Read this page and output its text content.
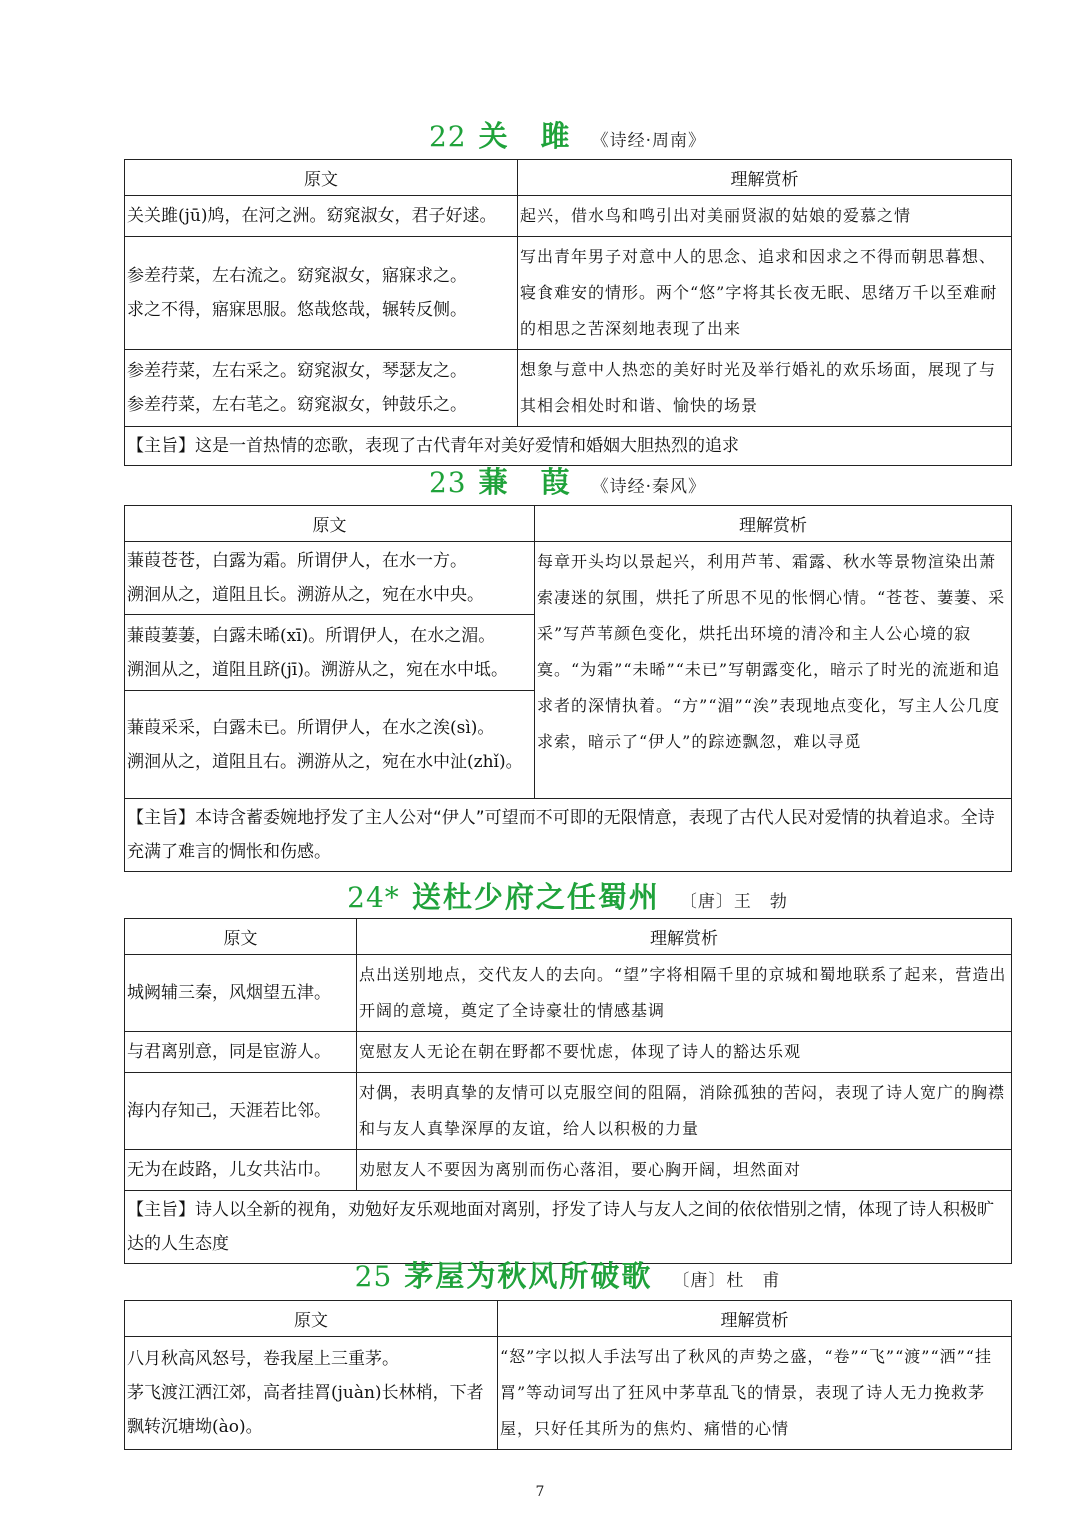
22 关　雎 《诗经·周南》
原文	理解赏析

关关雎(jū)鸠，在河之洲。窈窕淑女，君子好逑。	起兴，借水鸟和鸣引出对美丽贤淑的姑娘的爱慕之情

参差荇菜，左右流之。窈窕淑女，寤寐求之。
求之不得，寤寐思服。悠哉悠哉，辗转反侧。	写出青年男子对意中人的思念、追求和因求之不得而朝思暮想、寝食难安的情形。两个“悠”字将其长夜无眠、思绪万千以至难耐的相思之苦深刻地表现了出来

参差荇菜，左右采之。窈窕淑女，琴瑟友之。
参差荇菜，左右芼之。窈窕淑女，钟鼓乐之。	想象与意中人热恋的美好时光及举行婚礼的欢乐场面，展现了与其相会相处时和谐、愉快的场景
【主旨】这是一首热情的恋歌，表现了古代青年对美好爱情和婚姻大胆热烈的追求	
23 蒹　葭 《诗经·秦风》
原文	理解赏析

蒹葭苍苍，白露为霜。所谓伊人，在水一方。
溯洄从之，道阻且长。溯游从之，宛在水中央。	每章开头均以景起兴，利用芦苇、霜露、秋水等景物渲染出萧索凄迷的氛围，烘托了所思不见的怅惘心情。“苍苍、萋萋、采采”写芦苇颜色变化，烘托出环境的清冷和主人公心境的寂寞。“为霜”“未晞”“未已”写朝露变化，暗示了时光的流逝和追求者的深情执着。“方”“湄”“涘”表现地点变化，写主人公几度求索，暗示了“伊人”的踪迹飘忽，难以寻觅

蒹葭萋萋，白露未晞(xī)。所谓伊人，在水之湄。
溯洄从之，道阻且跻(jī)。溯游从之，宛在水中坻。	

蒹葭采采，白露未已。所谓伊人，在水之涘(sì)。
溯洄从之，道阻且右。溯游从之，宛在水中沚(zhǐ)。	

【主旨】本诗含蓄委婉地抒发了主人公对“伊人”可望而不可即的无限情意，表现了古代人民对爱情的执着追求。全诗充满了难言的惆怅和伤感。	
24* 送杜少府之任蜀州 〔唐〕王　勃
原文	理解赏析

城阙辅三秦，风烟望五津。	点出送别地点，交代友人的去向。“望”字将相隔千里的京城和蜀地联系了起来，营造出开阔的意境，奠定了全诗豪壮的情感基调

与君离别意，同是宦游人。	宽慰友人无论在朝在野都不要忧虑，体现了诗人的豁达乐观

海内存知己，天涯若比邻。	对偶，表明真挚的友情可以克服空间的阻隔，消除孤独的苦闷，表现了诗人宽广的胸襟和与友人真挚深厚的友谊，给人以积极的力量

无为在歧路，儿女共沾巾。	劝慰友人不要因为离别而伤心落泪，要心胸开阔，坦然面对
【主旨】诗人以全新的视角，劝勉好友乐观地面对离别，抒发了诗人与友人之间的依依惜别之情，体现了诗人积极旷达的人生态度	
25 茅屋为秋风所破歌 〔唐〕杜　甫
原文	理解赏析

八月秋高风怒号，卷我屋上三重茅。
茅飞渡江洒江郊，高者挂罥(juàn)长林梢，下者飘转沉塘坳(ào)。	“怒”字以拟人手法写出了秋风的声势之盛，“卷”“飞”“渡”“洒”“挂罥”等动词写出了狂风中茅草乱飞的情景，表现了诗人无力挽救茅屋，只好任其所为的焦灼、痛惜的心情
7
